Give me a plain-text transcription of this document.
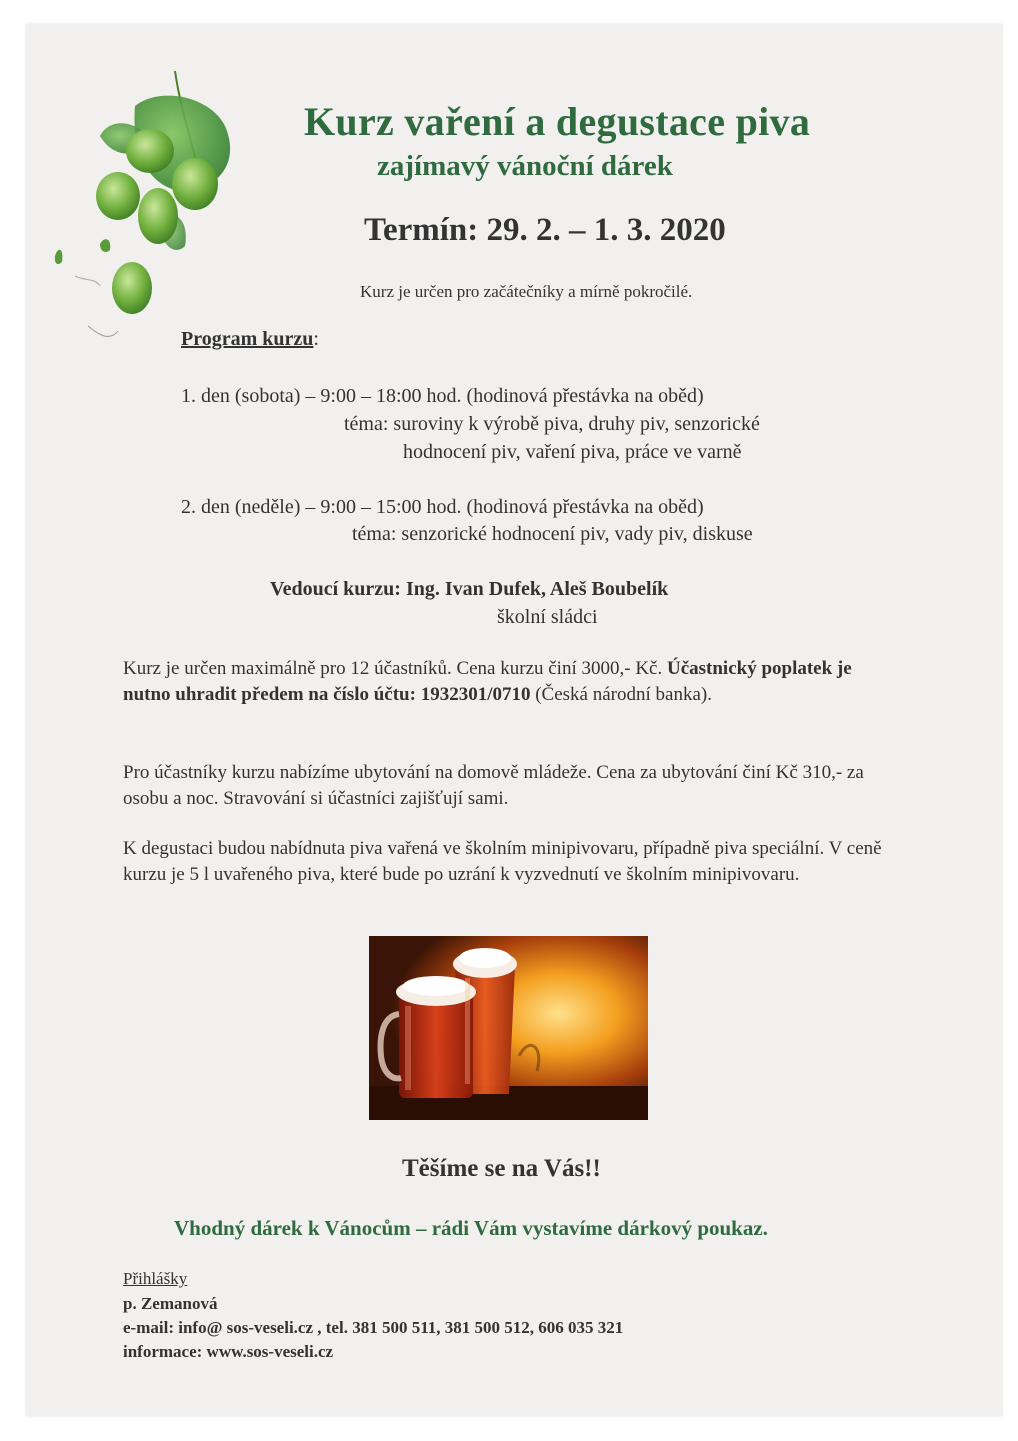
Kurz vaření a degustace piva
zajímavý vánoční dárek
Termín: 29. 2. – 1. 3. 2020
Kurz je určen pro začátečníky a mírně pokročilé.
Program kurzu:
1. den (sobota) – 9:00 – 18:00 hod. (hodinová přestávka na oběd)
téma: suroviny k výrobě piva, druhy piv, senzorické
hodnocení piv, vaření piva, práce ve varně
2. den (neděle) – 9:00 – 15:00 hod. (hodinová přestávka na oběd)
téma: senzorické hodnocení piv, vady piv, diskuse
Vedoucí kurzu: Ing. Ivan Dufek, Aleš Boubelík
školní sládci
Kurz je určen maximálně pro 12 účastníků. Cena kurzu činí 3000,- Kč. Účastnický poplatek je nutno uhradit předem na číslo účtu: 1932301/0710 (Česká národní banka).
Pro účastníky kurzu nabízíme ubytování na domově mládeže. Cena za ubytování činí Kč 310,- za osobu a noc. Stravování si účastníci zajišťují sami.
K degustaci budou nabídnuta piva vařená ve školním minipivovaru, případně piva speciální. V ceně kurzu je 5 l uvařeného piva, které bude po uzrání k vyzvednutí ve školním minipivovaru.
Těšíme se na Vás!!
Vhodný dárek k Vánocům – rádi Vám vystavíme dárkový poukaz.
Přihlášky
p. Zemanová
e-mail: info@ sos-veseli.cz , tel. 381 500 511, 381 500 512, 606 035 321
informace: www.sos-veseli.cz
